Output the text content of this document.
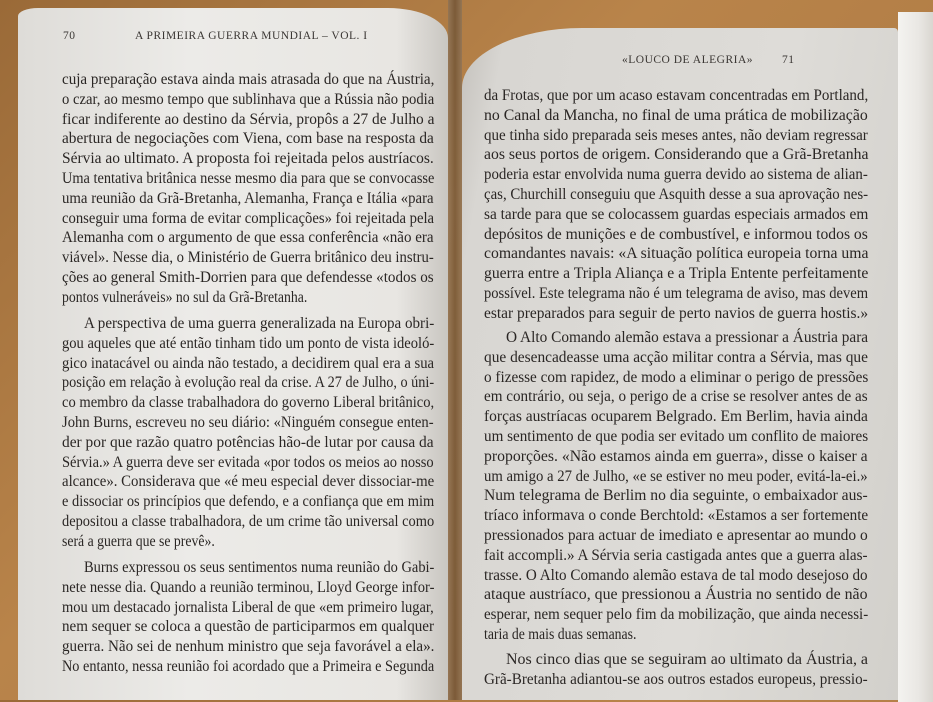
«LOUCO DE ALEGRIA»	71
da Frotas, que por um acaso estavam concentradas em Portland,
no Canal da Mancha, no final de uma prática de mobilização
que tinha sido preparada seis meses antes, não deviam regressar
aos seus portos de origem. Considerando que a Grã-Bretanha
poderia estar envolvida numa guerra devido ao sistema de alian-
ças, Churchill conseguiu que Asquith desse a sua aprovação nes-
sa tarde para que se colocassem guardas especiais armados em
depósitos de munições e de combustível, e informou todos os
comandantes navais: «A situação política europeia torna uma
guerra entre a Tripla Aliança e a Tripla Entente perfeitamente
possível. Este telegrama não é um telegrama de aviso, mas devem
estar preparados para seguir de perto navios de guerra hostis.»
O Alto Comando alemão estava a pressionar a Áustria para
que desencadeasse uma acção militar contra a Sérvia, mas que
o fizesse com rapidez, de modo a eliminar o perigo de pressões
em contrário, ou seja, o perigo de a crise se resolver antes de as
forças austríacas ocuparem Belgrado. Em Berlim, havia ainda
um sentimento de que podia ser evitado um conflito de maiores
proporções. «Não estamos ainda em guerra», disse o kaiser a
um amigo a 27 de Julho, «e se estiver no meu poder, evitá-la-ei.»
Num telegrama de Berlim no dia seguinte, o embaixador aus-
tríaco informava o conde Berchtold: «Estamos a ser fortemente
pressionados para actuar de imediato e apresentar ao mundo o
fait accompli.» A Sérvia seria castigada antes que a guerra alas-
trasse. O Alto Comando alemão estava de tal modo desejoso do
ataque austríaco, que pressionou a Áustria no sentido de não
esperar, nem sequer pelo fim da mobilização, que ainda necessi-
taria de mais duas semanas.
Nos cinco dias que se seguiram ao ultimato da Áustria, a
Grã-Bretanha adiantou-se aos outros estados europeus, pressio-
70	A PRIMEIRA GUERRA MUNDIAL – VOL. I
cuja preparação estava ainda mais atrasada do que na Áustria,
o czar, ao mesmo tempo que sublinhava que a Rússia não podia
ficar indiferente ao destino da Sérvia, propôs a 27 de Julho a
abertura de negociações com Viena, com base na resposta da
Sérvia ao ultimato. A proposta foi rejeitada pelos austríacos.
Uma tentativa britânica nesse mesmo dia para que se convocasse
uma reunião da Grã-Bretanha, Alemanha, França e Itália «para
conseguir uma forma de evitar complicações» foi rejeitada pela
Alemanha com o argumento de que essa conferência «não era
viável». Nesse dia, o Ministério de Guerra britânico deu instru-
ções ao general Smith-Dorrien para que defendesse «todos os
pontos vulneráveis» no sul da Grã-Bretanha.
A perspectiva de uma guerra generalizada na Europa obri-
gou aqueles que até então tinham tido um ponto de vista ideoló-
gico inatacável ou ainda não testado, a decidirem qual era a sua
posição em relação à evolução real da crise. A 27 de Julho, o úni-
co membro da classe trabalhadora do governo Liberal britânico,
John Burns, escreveu no seu diário: «Ninguém consegue enten-
der por que razão quatro potências hão-de lutar por causa da
Sérvia.» A guerra deve ser evitada «por todos os meios ao nosso
alcance». Considerava que «é meu especial dever dissociar-me
e dissociar os princípios que defendo, e a confiança que em mim
depositou a classe trabalhadora, de um crime tão universal como
será a guerra que se prevê».
Burns expressou os seus sentimentos numa reunião do Gabi-
nete nesse dia. Quando a reunião terminou, Lloyd George infor-
mou um destacado jornalista Liberal de que «em primeiro lugar,
nem sequer se coloca a questão de participarmos em qualquer
guerra. Não sei de nenhum ministro que seja favorável a ela».
No entanto, nessa reunião foi acordado que a Primeira e Segunda
